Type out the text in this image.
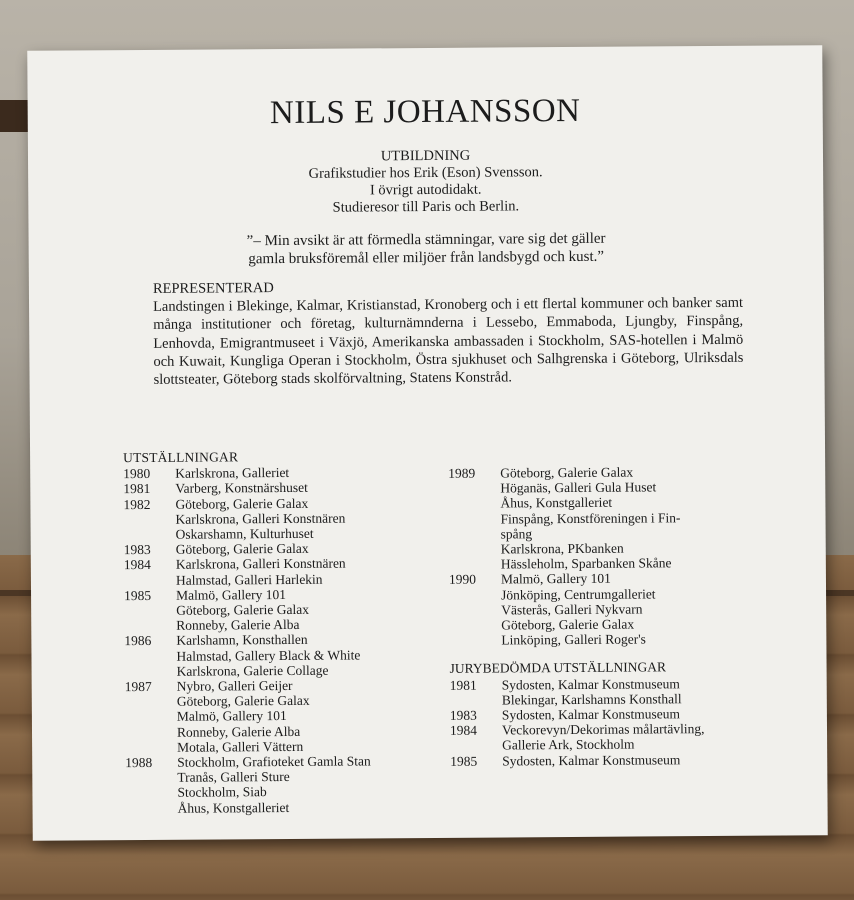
NILS E JOHANSSON
UTBILDNING
Grafikstudier hos Erik (Eson) Svensson.
I övrigt autodidakt.
Studieresor till Paris och Berlin.
”– Min avsikt är att förmedla stämningar, vare sig det gäller
gamla bruksföremål eller miljöer från landsbygd och kust.”
REPRESENTERAD
Landstingen i Blekinge, Kalmar, Kristianstad, Kronoberg och i ett flertal kommuner och banker samt många institutioner och företag, kulturnämnderna i Lessebo, Emmaboda, Ljungby, Finspång, Lenhovda, Emigrantmuseet i Växjö, Amerikanska ambassaden i Stockholm, SAS-hotellen i Malmö och Kuwait, Kungliga Operan i Stockholm, Östra sjukhuset och Salhgrenska i Göteborg, Ulriksdals slottsteater, Göteborg stads skolförvaltning, Statens Konstråd.
UTSTÄLLNINGAR
1980	Karlskrona, Galleriet
1981	Varberg, Konstnärshuset
1982	Göteborg, Galerie Galax
Karlskrona, Galleri Konstnären
Oskarshamn, Kulturhuset
1983	Göteborg, Galerie Galax
1984	Karlskrona, Galleri Konstnären
Halmstad, Galleri Harlekin
1985	Malmö, Gallery 101
Göteborg, Galerie Galax
Ronneby, Galerie Alba
1986	Karlshamn, Konsthallen
Halmstad, Gallery Black & White
Karlskrona, Galerie Collage
1987	Nybro, Galleri Geijer
Göteborg, Galerie Galax
Malmö, Gallery 101
Ronneby, Galerie Alba
Motala, Galleri Vättern
1988	Stockholm, Grafioteket Gamla Stan
Tranås, Galleri Sture
Stockholm, Siab
Åhus, Konstgalleriet
1989	Göteborg, Galerie Galax
Höganäs, Galleri Gula Huset
Åhus, Konstgalleriet
Finspång, Konstföreningen i Fin-
spång
Karlskrona, PKbanken
Hässleholm, Sparbanken Skåne
1990	Malmö, Gallery 101
Jönköping, Centrumgalleriet
Västerås, Galleri Nykvarn
Göteborg, Galerie Galax
Linköping, Galleri Roger's
JURYBEDÖMDA UTSTÄLLNINGAR
1981	Sydosten, Kalmar Konstmuseum
Blekingar, Karlshamns Konsthall
1983	Sydosten, Kalmar Konstmuseum
1984	Veckorevyn/Dekorimas målartävling,
Gallerie Ark, Stockholm
1985	Sydosten, Kalmar Konstmuseum
